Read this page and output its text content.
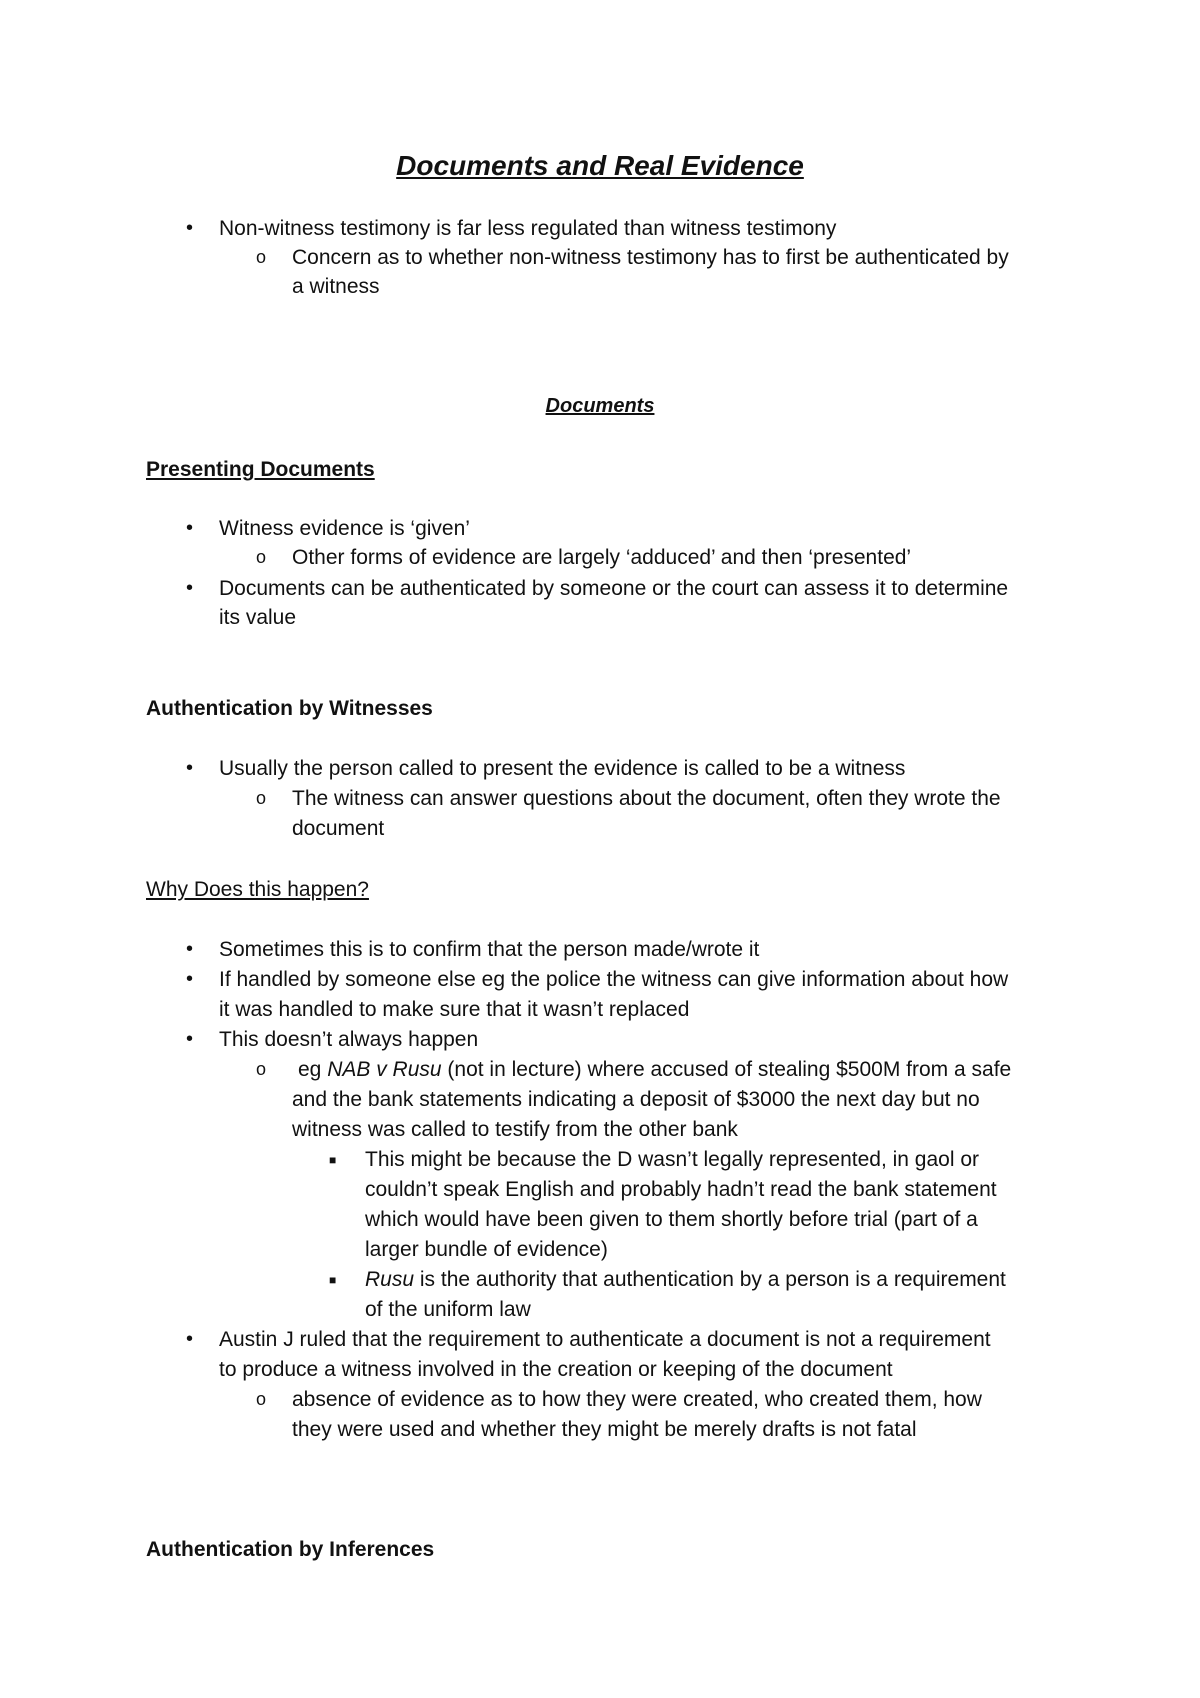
Documents and Real Evidence
• Non-witness testimony is far less regulated than witness testimony
o Concern as to whether non-witness testimony has to first be authenticated by
a witness
Documents
Presenting Documents
• Witness evidence is ‘given’
o Other forms of evidence are largely ‘adduced’ and then ‘presented’
• Documents can be authenticated by someone or the court can assess it to determine
its value
Authentication by Witnesses
• Usually the person called to present the evidence is called to be a witness
o The witness can answer questions about the document, often they wrote the
document
Why Does this happen?
• Sometimes this is to confirm that the person made/wrote it
• If handled by someone else eg the police the witness can give information about how
it was handled to make sure that it wasn’t replaced
• This doesn’t always happen
o eg NAB v Rusu (not in lecture) where accused of stealing $500M from a safe
and the bank statements indicating a deposit of $3000 the next day but no
witness was called to testify from the other bank
■ This might be because the D wasn’t legally represented, in gaol or
couldn’t speak English and probably hadn’t read the bank statement
which would have been given to them shortly before trial (part of a
larger bundle of evidence)
■ Rusu is the authority that authentication by a person is a requirement
of the uniform law
• Austin J ruled that the requirement to authenticate a document is not a requirement
to produce a witness involved in the creation or keeping of the document
o absence of evidence as to how they were created, who created them, how
they were used and whether they might be merely drafts is not fatal
Authentication by Inferences
